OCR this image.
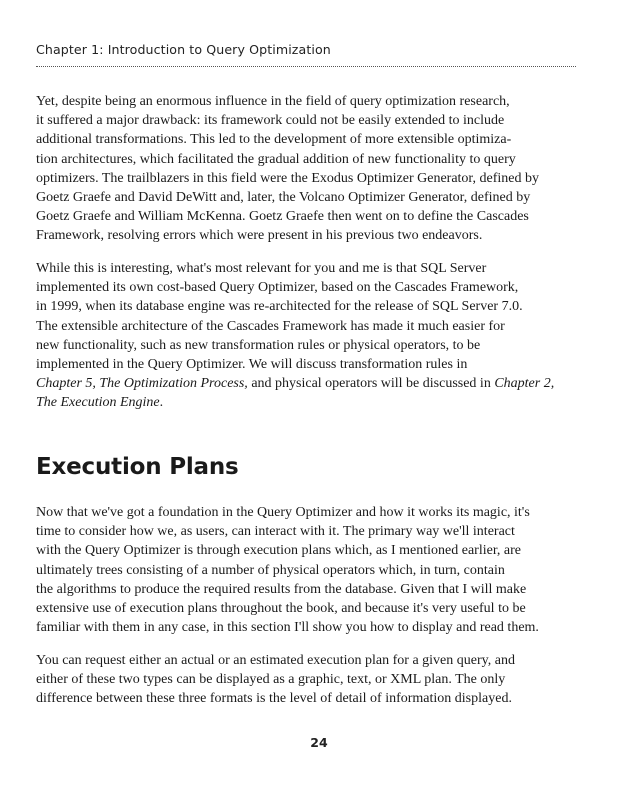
Chapter 1: Introduction to Query Optimization
Yet, despite being an enormous influence in the field of query optimization research,
it suffered a major drawback: its framework could not be easily extended to include
additional transformations. This led to the development of more extensible optimiza-
tion architectures, which facilitated the gradual addition of new functionality to query
optimizers. The trailblazers in this field were the Exodus Optimizer Generator, defined by
Goetz Graefe and David DeWitt and, later, the Volcano Optimizer Generator, defined by
Goetz Graefe and William McKenna. Goetz Graefe then went on to define the Cascades
Framework, resolving errors which were present in his previous two endeavors.
While this is interesting, what's most relevant for you and me is that SQL Server
implemented its own cost-based Query Optimizer, based on the Cascades Framework,
in 1999, when its database engine was re-architected for the release of SQL Server 7.0.
The extensible architecture of the Cascades Framework has made it much easier for
new functionality, such as new transformation rules or physical operators, to be
implemented in the Query Optimizer. We will discuss transformation rules in
Chapter 5, The Optimization Process, and physical operators will be discussed in Chapter 2,
The Execution Engine.
Execution Plans
Now that we've got a foundation in the Query Optimizer and how it works its magic, it's
time to consider how we, as users, can interact with it. The primary way we'll interact
with the Query Optimizer is through execution plans which, as I mentioned earlier, are
ultimately trees consisting of a number of physical operators which, in turn, contain
the algorithms to produce the required results from the database. Given that I will make
extensive use of execution plans throughout the book, and because it's very useful to be
familiar with them in any case, in this section I'll show you how to display and read them.
You can request either an actual or an estimated execution plan for a given query, and
either of these two types can be displayed as a graphic, text, or XML plan. The only
difference between these three formats is the level of detail of information displayed.
24
